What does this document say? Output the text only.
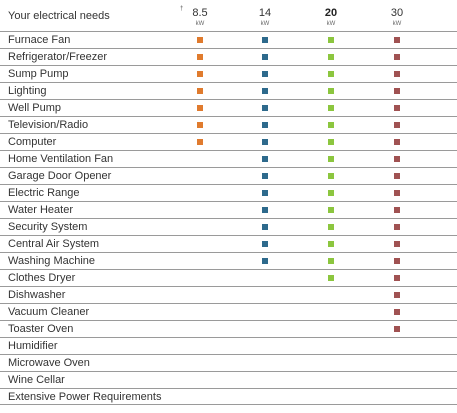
Your electrical needs
† 8.5
kW
14
kW
20
kW
30
kW
Furnace Fan
Refrigerator/Freezer
Sump Pump
Lighting
Well Pump
Television/Radio
Computer
Home Ventilation Fan
Garage Door Opener
Electric Range
Water Heater
Security System
Central Air System
Washing Machine
Clothes Dryer
Dishwasher
Vacuum Cleaner
Toaster Oven
Humidifier
Microwave Oven
Wine Cellar
Extensive Power Requirements
